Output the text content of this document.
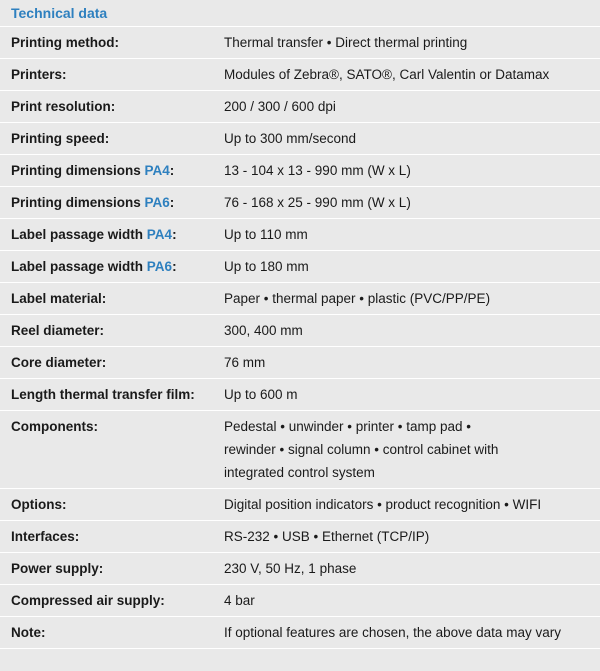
Technical data
Printing method:	Thermal transfer • Direct thermal printing
Printers:	Modules of Zebra®, SATO®, Carl Valentin or Datamax
Print resolution:	200 / 300 / 600 dpi
Printing speed:	Up to 300 mm/second
Printing dimensions PA4:	13 - 104 x 13 - 990 mm (W x L)
Printing dimensions PA6:	76 - 168 x 25 - 990 mm (W x L)
Label passage width PA4:	Up to 110 mm
Label passage width PA6:	Up to 180 mm
Label material:	Paper • thermal paper • plastic (PVC/PP/PE)
Reel diameter:	300, 400 mm
Core diameter:	76 mm
Length thermal transfer film:	Up to 600 m
Components:	Pedestal • unwinder • printer • tamp pad •
rewinder • signal column • control cabinet with
integrated control system
Options:	Digital position indicators • product recognition • WIFI
Interfaces:	RS-232 • USB • Ethernet (TCP/IP)
Power supply:	230 V, 50 Hz, 1 phase
Compressed air supply:	4 bar
Note:	If optional features are chosen, the above data may vary
